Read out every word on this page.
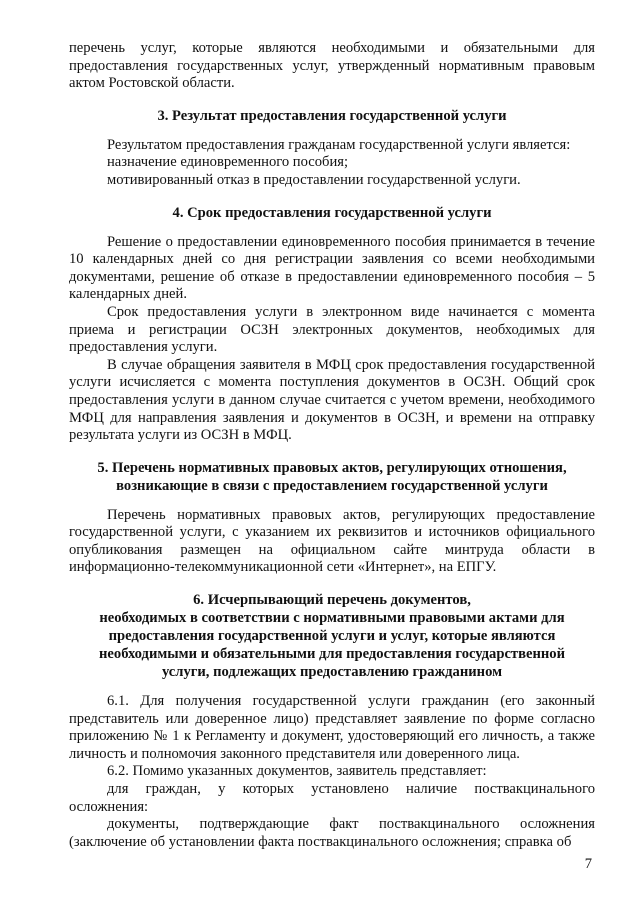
перечень услуг, которые являются необходимыми и обязательными для предоставления государственных услуг, утвержденный нормативным правовым актом Ростовской области.

3. Результат предоставления государственной услуги

Результатом предоставления гражданам государственной услуги является:

назначение единовременного пособия;

мотивированный отказ в предоставлении государственной услуги.

4. Срок предоставления государственной услуги

Решение о предоставлении единовременного пособия принимается в течение 10 календарных дней со дня регистрации заявления со всеми необходимыми документами, решение об отказе в предоставлении единовременного пособия – 5 календарных дней.

Срок предоставления услуги в электронном виде начинается с момента приема и регистрации ОСЗН электронных документов, необходимых для предоставления услуги.

В случае обращения заявителя в МФЦ срок предоставления государственной услуги исчисляется с момента поступления документов в ОСЗН. Общий срок предоставления услуги в данном случае считается с учетом времени, необходимого МФЦ для направления заявления и документов в ОСЗН, и времени на отправку результата услуги из ОСЗН в МФЦ.

5. Перечень нормативных правовых актов, регулирующих отношения,
возникающие в связи с предоставлением государственной услуги

Перечень нормативных правовых актов, регулирующих предоставление государственной услуги, с указанием их реквизитов и источников официального опубликования размещен на официальном сайте минтруда области в информационно-телекоммуникационной сети «Интернет», на ЕПГУ.

6. Исчерпывающий перечень документов,
необходимых в соответствии с нормативными правовыми актами для
предоставления государственной услуги и услуг, которые являются
необходимыми и обязательными для предоставления государственной
услуги, подлежащих предоставлению гражданином

6.1. Для получения государственной услуги гражданин (его законный представитель или доверенное лицо) представляет заявление по форме согласно приложению № 1 к Регламенту и документ, удостоверяющий его личность, а также личность и полномочия законного представителя или доверенного лица.

6.2. Помимо указанных документов, заявитель представляет:

для граждан, у которых установлено наличие поствакцинального осложнения:

документы, подтверждающие факт поствакцинального осложнения (заключение об установлении факта поствакцинального осложнения; справка об

7
